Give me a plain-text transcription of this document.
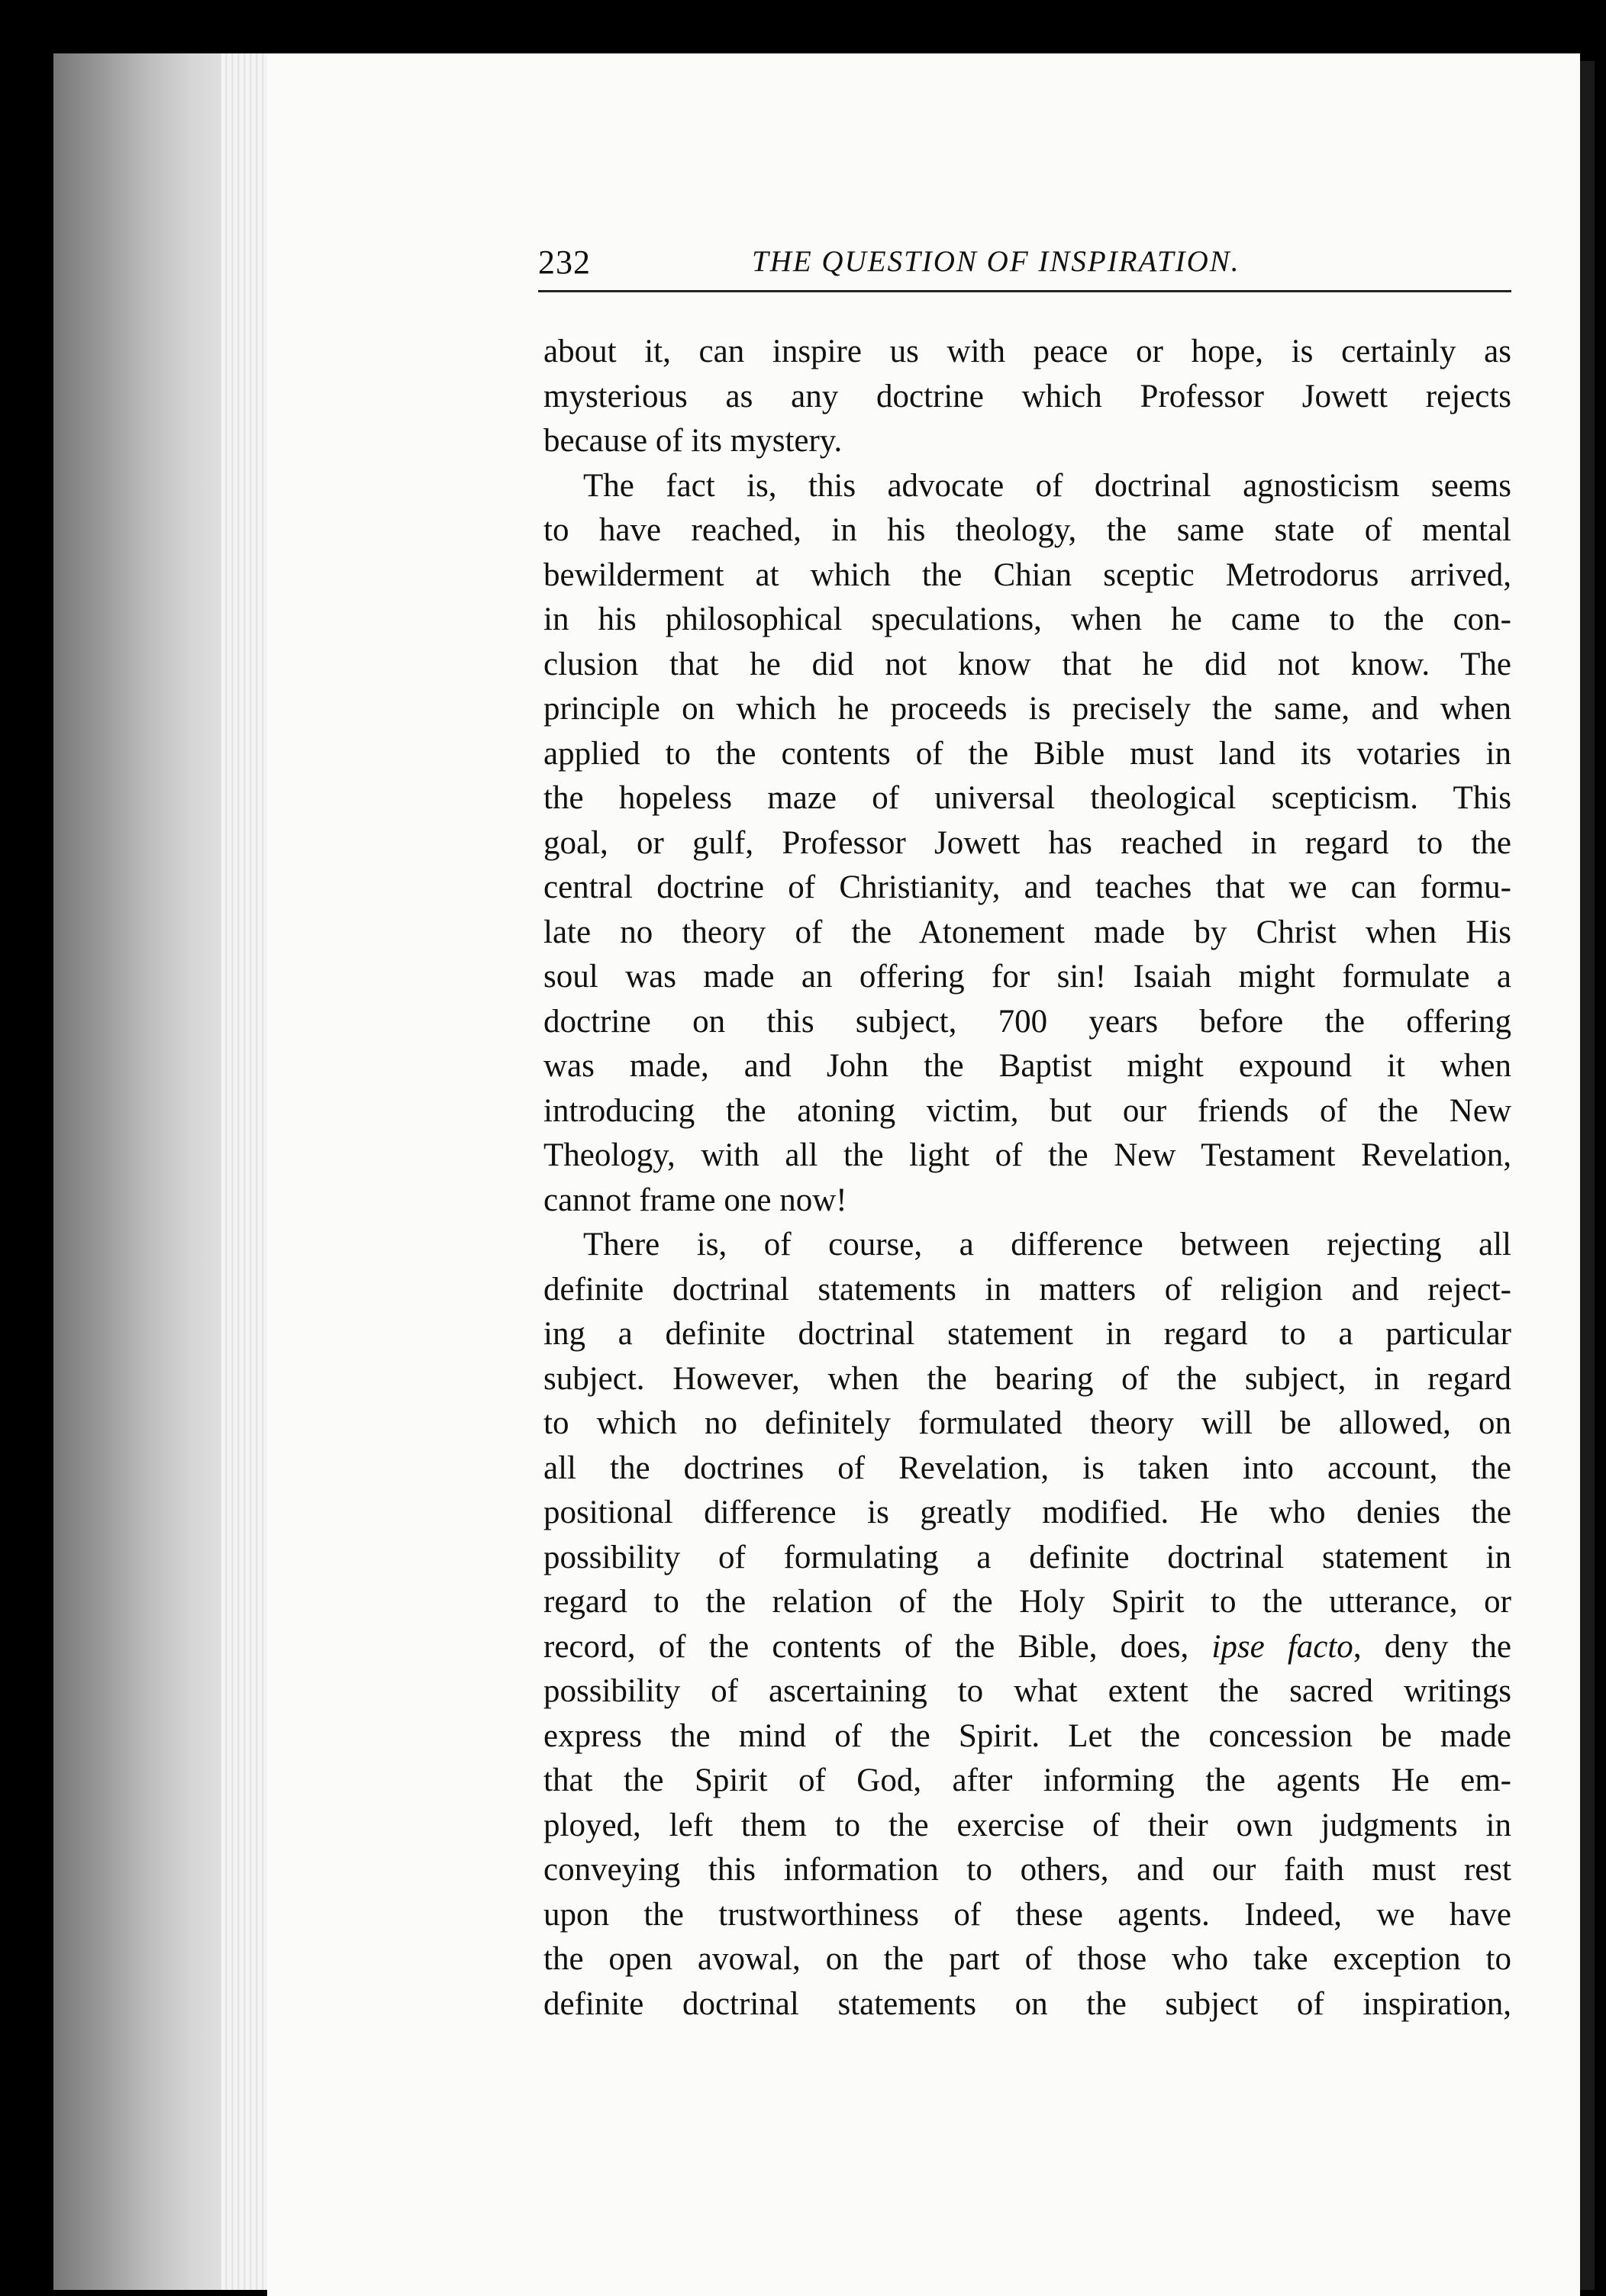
232	THE QUESTION OF INSPIRATION.
about it, can inspire us with peace or hope, is certainly as
mysterious as any doctrine which Professor Jowett rejects
because of its mystery.
The fact is, this advocate of doctrinal agnosticism seems
to have reached, in his theology, the same state of mental
bewilderment at which the Chian sceptic Metrodorus arrived,
in his philosophical speculations, when he came to the con-
clusion that he did not know that he did not know. The
principle on which he proceeds is precisely the same, and when
applied to the contents of the Bible must land its votaries in
the hopeless maze of universal theological scepticism. This
goal, or gulf, Professor Jowett has reached in regard to the
central doctrine of Christianity, and teaches that we can formu-
late no theory of the Atonement made by Christ when His
soul was made an offering for sin! Isaiah might formulate a
doctrine on this subject, 700 years before the offering
was made, and John the Baptist might expound it when
introducing the atoning victim, but our friends of the New
Theology, with all the light of the New Testament Revelation,
cannot frame one now!
There is, of course, a difference between rejecting all
definite doctrinal statements in matters of religion and reject-
ing a definite doctrinal statement in regard to a particular
subject. However, when the bearing of the subject, in regard
to which no definitely formulated theory will be allowed, on
all the doctrines of Revelation, is taken into account, the
positional difference is greatly modified. He who denies the
possibility of formulating a definite doctrinal statement in
regard to the relation of the Holy Spirit to the utterance, or
record, of the contents of the Bible, does, ipse facto, deny the
possibility of ascertaining to what extent the sacred writings
express the mind of the Spirit. Let the concession be made
that the Spirit of God, after informing the agents He em-
ployed, left them to the exercise of their own judgments in
conveying this information to others, and our faith must rest
upon the trustworthiness of these agents. Indeed, we have
the open avowal, on the part of those who take exception to
definite doctrinal statements on the subject of inspiration,
